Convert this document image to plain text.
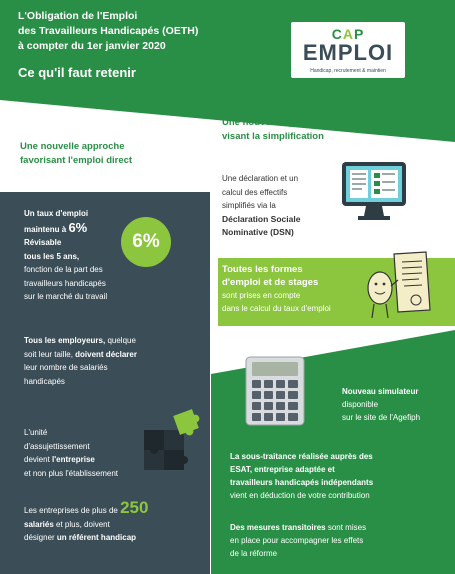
L'Obligation de l'Emploi
des Travailleurs Handicapés (OETH)
à compter du 1er janvier 2020
Ce qu'il faut retenir
CAP
EMPLOI
Handicap, recrutement & maintien
Une nouvelle approche
favorisant l'emploi direct
Une nouvelle approche
visant la simplification
Une déclaration et un
calcul des effectifs
simplifiés via la
Déclaration Sociale
Nominative (DSN)
Un taux d'emploi
maintenu à 6%
Révisable
tous les 5 ans,
fonction de la part des
travailleurs handicapés
sur le marché du travail
6%
Tous les employeurs, quelque
soit leur taille, doivent déclarer
leur nombre de salariés
handicapés
L'unité
d'assujettissement
devient l'entreprise
et non plus l'établissement
Les entreprises de plus de 250
salariés et plus, doivent
désigner un référent handicap
Toutes les formes
d'emploi et de stages
sont prises en compte
dans le calcul du taux d'emploi
Nouveau simulateur
disponible
sur le site de l'Agefiph
La sous-traitance réalisée auprès des
ESAT, entreprise adaptée et
travailleurs handicapés indépendants
vient en déduction de votre contribution
Des mesures transitoires sont mises
en place pour accompagner les effets
de la réforme
